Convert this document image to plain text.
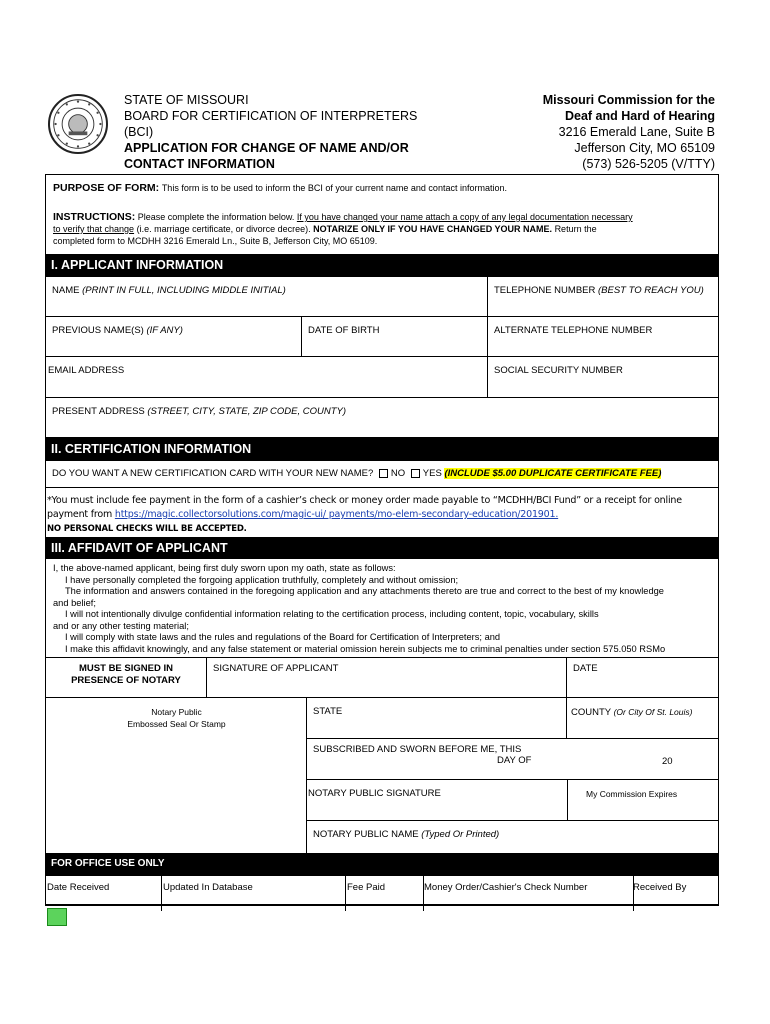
STATE OF MISSOURI
BOARD FOR CERTIFICATION OF INTERPRETERS
(BCI)
APPLICATION FOR CHANGE OF NAME AND/OR
CONTACT INFORMATION
Missouri Commission for the
Deaf and Hard of Hearing
3216 Emerald Lane, Suite B
Jefferson City, MO 65109
(573) 526-5205 (V/TTY)
PURPOSE OF FORM: This form is to be used to inform the BCI of your current name and contact information.
INSTRUCTIONS: Please complete the information below. If you have changed your name attach a copy of any legal documentation necessary
to verify that change (i.e. marriage certificate, or divorce decree). NOTARIZE ONLY IF YOU HAVE CHANGED YOUR NAME. Return the
completed form to MCDHH 3216 Emerald Ln., Suite B, Jefferson City, MO 65109.
I. APPLICANT INFORMATION
NAME (PRINT IN FULL, INCLUDING MIDDLE INITIAL)	TELEPHONE NUMBER (BEST TO REACH YOU)
PREVIOUS NAME(S) (IF ANY)	DATE OF BIRTH	ALTERNATE TELEPHONE NUMBER
EMAIL ADDRESS	SOCIAL SECURITY NUMBER
PRESENT ADDRESS (STREET, CITY, STATE, ZIP CODE, COUNTY)
II. CERTIFICATION INFORMATION
DO YOU WANT A NEW CERTIFICATION CARD WITH YOUR NEW NAME? NO YES (INCLUDE $5.00 DUPLICATE CERTIFICATE FEE)
*You must include fee payment in the form of a cashier’s check or money order made payable to “MCDHH/BCI Fund” or a receipt for online
payment from https://magic.collectorsolutions.com/magic-ui/ payments/mo-elem-secondary-education/201901.
NO PERSONAL CHECKS WILL BE ACCEPTED.
III. AFFIDAVIT OF APPLICANT
I, the above-named applicant, being first duly sworn upon my oath, state as follows:
I have personally completed the forgoing application truthfully, completely and without omission;
The information and answers contained in the foregoing application and any attachments thereto are true and correct to the best of my knowledge
and belief;
I will not intentionally divulge confidential information relating to the certification process, including content, topic, vocabulary, skills
and or any other testing material;
I will comply with state laws and the rules and regulations of the Board for Certification of Interpreters; and
I make this affidavit knowingly, and any false statement or material omission herein subjects me to criminal penalties under section 575.050 RSMo
MUST BE SIGNED IN
PRESENCE OF NOTARY
SIGNATURE OF APPLICANT	DATE
Notary Public
Embossed Seal Or Stamp
STATE	COUNTY (Or City Of St. Louis)
SUBSCRIBED AND SWORN BEFORE ME, THIS
DAY OF	20
NOTARY PUBLIC SIGNATURE	My Commission Expires
NOTARY PUBLIC NAME (Typed Or Printed)
FOR OFFICE USE ONLY
Date Received	Updated In Database	Fee Paid	Money Order/Cashier's Check Number	Received By
